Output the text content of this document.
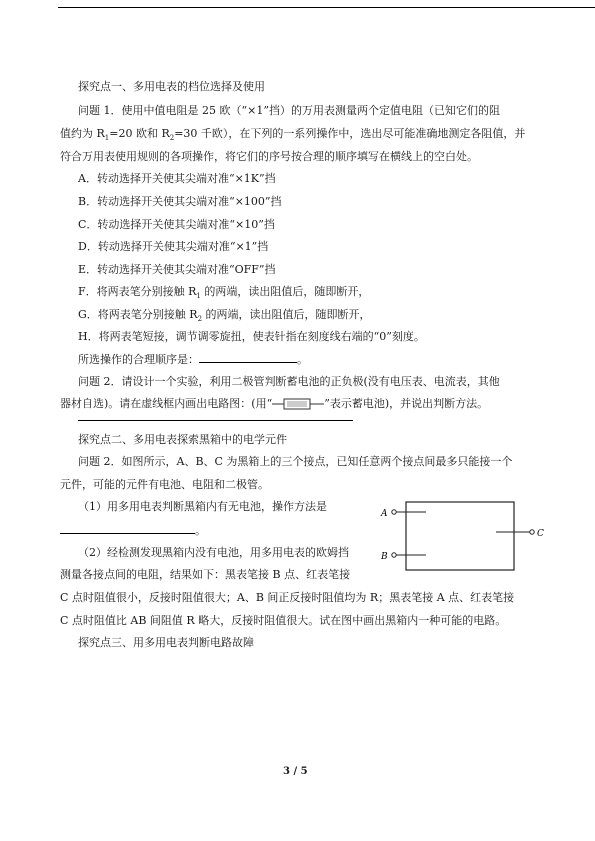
探究点一、多用电表的档位选择及使用
问题 1．使用中值电阻是 25 欧（“×1”挡）的万用表测量两个定值电阻（已知它们的阻
值约为 $R_1=20$ 欧和 $R_2=30$ 千欧），在下列的一系列操作中，选出尽可能准确地测定各阻值，并
符合万用表使用规则的各项操作，将它们的序号按合理的顺序填写在横线上的空白处。
A．转动选择开关使其尖端对准“×1K”挡
B．转动选择开关使其尖端对准“×100”挡
C．转动选择开关使其尖端对准“×10”挡
D．转动选择开关使其尖端对准“×1”挡
E．转动选择开关使其尖端对准“OFF”挡
F．将两表笔分别接触 $R_1$ 的两端，读出阻值后，随即断开，
G．将两表笔分别接触 $R_2$ 的两端，读出阻值后，随即断开，
H．将两表笔短接，调节调零旋扭，使表针指在刻度线右端的“0”刻度。
所选操作的合理顺序是：	。
问题 2．请设计一个实验，利用二极管判断蓄电池的正负极(没有电压表、电流表，其他
器材自选)。请在虚线框内画出电路图：(用“	”表示蓄电池)，并说出判断方法。
探究点二、多用电表探索黑箱中的电学元件
问题 2．如图所示，A、B、C 为黑箱上的三个接点，已知任意两个接点间最多只能接一个
元件，可能的元件有电池、电阻和二极管。
（1）用多用电表判断黑箱内有无电池，操作方法是
。
（2）经检测发现黑箱内没有电池，用多用电表的欧姆挡
测量各接点间的电阻，结果如下：黑表笔接 B 点、红表笔接
C 点时阻值很小，反接时阻值很大；A、B 间正反接时阻值均为 R；黑表笔接 A 点、红表笔接
C 点时阻值比 AB 间阻值 R 略大，反接时阻值很大。试在图中画出黑箱内一种可能的电路。
A
B
C
探究点三、用多用电表判断电路故障
3 / 5
